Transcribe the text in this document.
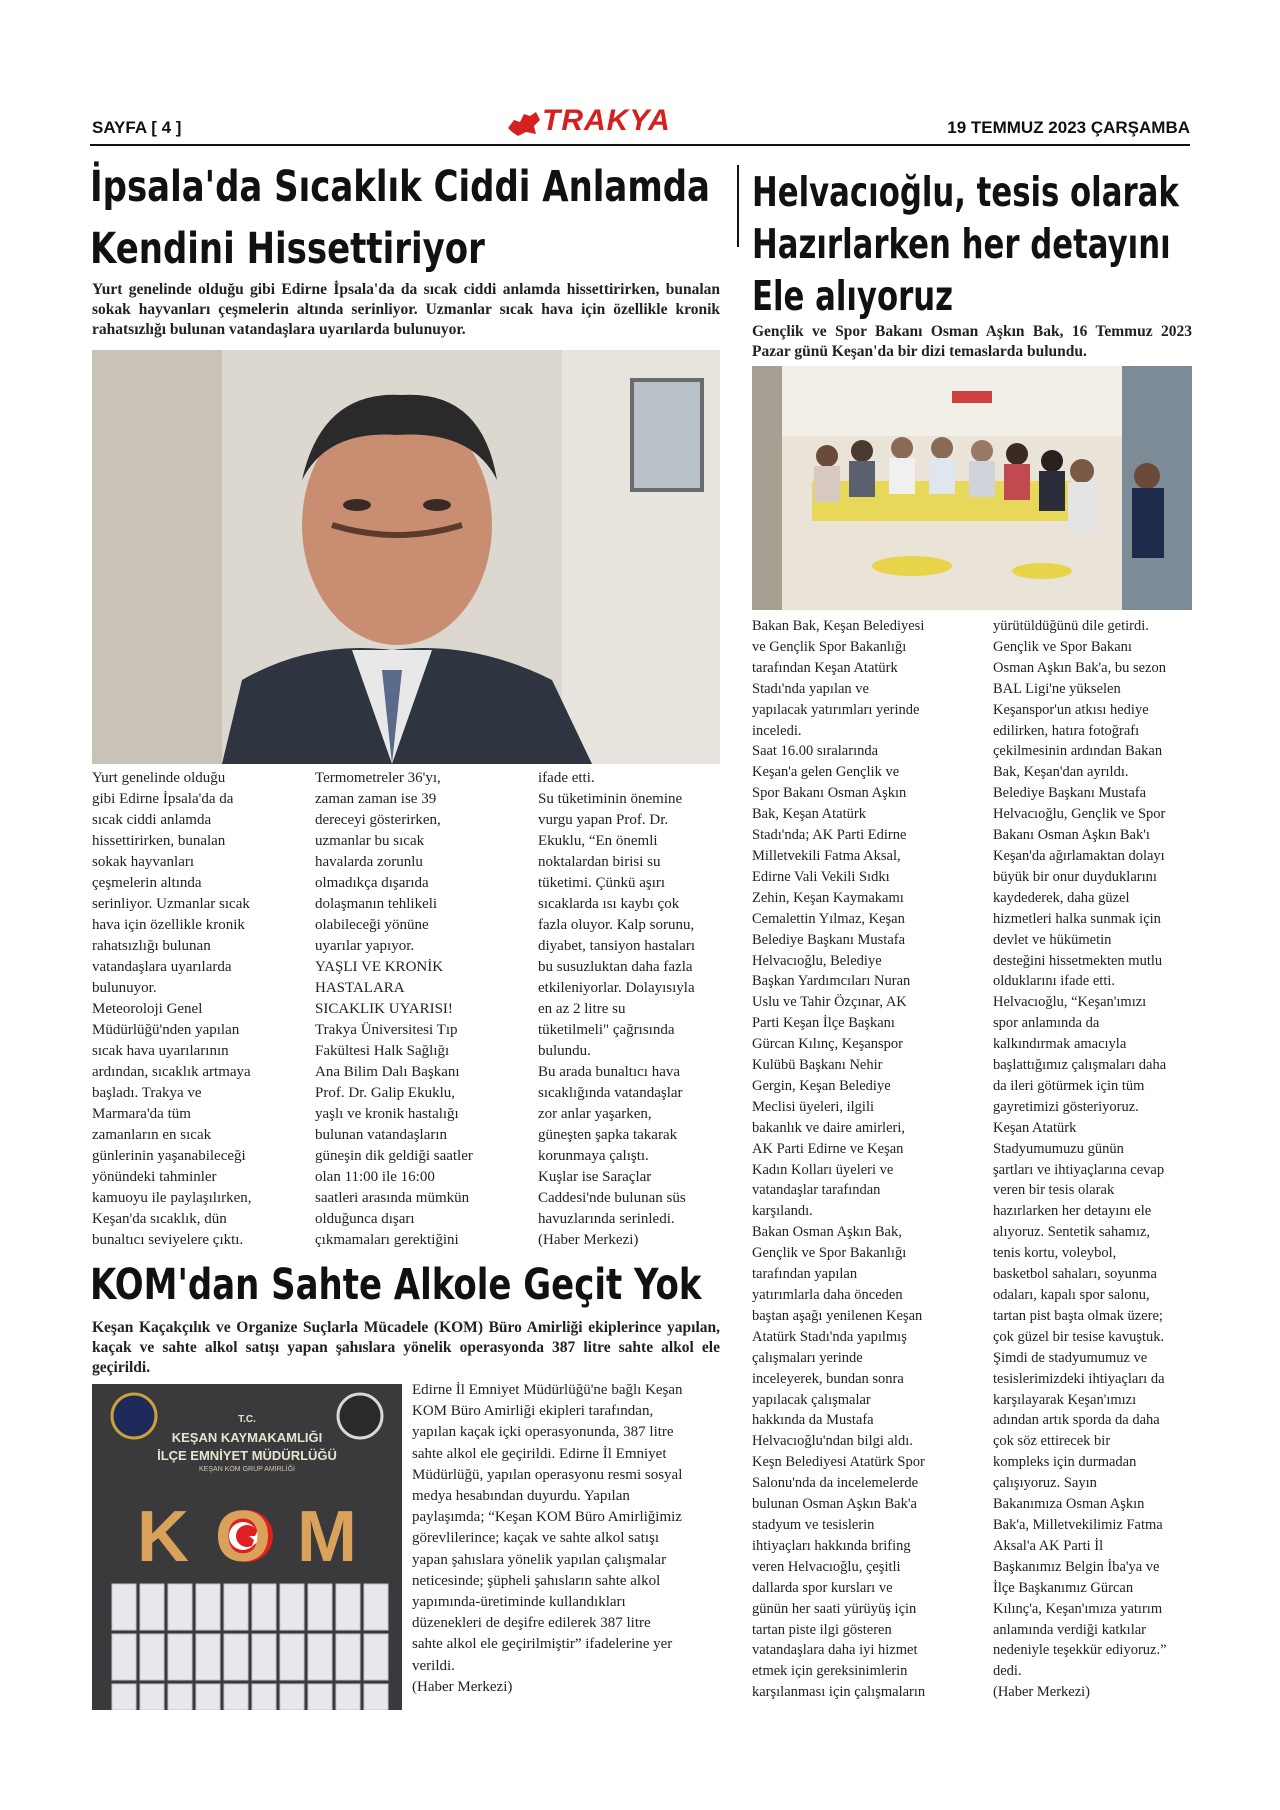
SAYFA [ 4 ]	TRAKYA	19 TEMMUZ 2023 ÇARŞAMBA
İpsala'da Sıcaklık Ciddi Anlamda
Kendini Hissettiriyor
Yurt genelinde olduğu gibi Edirne İpsala'da da sıcak ciddi anlamda hissettirirken, bunalan sokak hayvanları çeşmelerin altında serinliyor. Uzmanlar sıcak hava için özellikle kronik rahatsızlığı bulunan vatandaşlara uyarılarda bulunuyor.
Yurt genelinde olduğu
gibi Edirne İpsala'da da
sıcak ciddi anlamda
hissettirirken, bunalan
sokak hayvanları
çeşmelerin altında
serinliyor. Uzmanlar sıcak
hava için özellikle kronik
rahatsızlığı bulunan
vatandaşlara uyarılarda
bulunuyor.
Meteoroloji Genel
Müdürlüğü'nden yapılan
sıcak hava uyarılarının
ardından, sıcaklık artmaya
başladı. Trakya ve
Marmara'da tüm
zamanların en sıcak
günlerinin yaşanabileceği
yönündeki tahminler
kamuoyu ile paylaşılırken,
Keşan'da sıcaklık, dün
bunaltıcı seviyelere çıktı.
Termometreler 36'yı,
zaman zaman ise 39
dereceyi gösterirken,
uzmanlar bu sıcak
havalarda zorunlu
olmadıkça dışarıda
dolaşmanın tehlikeli
olabileceği yönüne
uyarılar yapıyor.
YAŞLI VE KRONİK
HASTALARA
SICAKLIK UYARISI!
Trakya Üniversitesi Tıp
Fakültesi Halk Sağlığı
Ana Bilim Dalı Başkanı
Prof. Dr. Galip Ekuklu,
yaşlı ve kronik hastalığı
bulunan vatandaşların
güneşin dik geldiği saatler
olan 11:00 ile 16:00
saatleri arasında mümkün
olduğunca dışarı
çıkmamaları gerektiğini
ifade etti.
Su tüketiminin önemine
vurgu yapan Prof. Dr.
Ekuklu, “En önemli
noktalardan birisi su
tüketimi. Çünkü aşırı
sıcaklarda ısı kaybı çok
fazla oluyor. Kalp sorunu,
diyabet, tansiyon hastaları
bu susuzluktan daha fazla
etkileniyorlar. Dolayısıyla
en az 2 litre su
tüketilmeli" çağrısında
bulundu.
Bu arada bunaltıcı hava
sıcaklığında vatandaşlar
zor anlar yaşarken,
güneşten şapka takarak
korunmaya çalıştı.
Kuşlar ise Saraçlar
Caddesi'nde bulunan süs
havuzlarında serinledi.
(Haber Merkezi)
Helvacıoğlu, tesis olarak
Hazırlarken her detayını
Ele alıyoruz
Gençlik ve Spor Bakanı Osman Aşkın Bak, 16 Temmuz 2023 Pazar günü Keşan'da bir dizi temaslarda bulundu.
Bakan Bak, Keşan Belediyesi
ve Gençlik Spor Bakanlığı
tarafından Keşan Atatürk
Stadı'nda yapılan ve
yapılacak yatırımları yerinde
inceledi.
Saat 16.00 sıralarında
Keşan'a gelen Gençlik ve
Spor Bakanı Osman Aşkın
Bak, Keşan Atatürk
Stadı'nda; AK Parti Edirne
Milletvekili Fatma Aksal,
Edirne Vali Vekili Sıdkı
Zehin, Keşan Kaymakamı
Cemalettin Yılmaz, Keşan
Belediye Başkanı Mustafa
Helvacıoğlu, Belediye
Başkan Yardımcıları Nuran
Uslu ve Tahir Özçınar, AK
Parti Keşan İlçe Başkanı
Gürcan Kılınç, Keşanspor
Kulübü Başkanı Nehir
Gergin, Keşan Belediye
Meclisi üyeleri, ilgili
bakanlık ve daire amirleri,
AK Parti Edirne ve Keşan
Kadın Kolları üyeleri ve
vatandaşlar tarafından
karşılandı.
Bakan Osman Aşkın Bak,
Gençlik ve Spor Bakanlığı
tarafından yapılan
yatırımlarla daha önceden
baştan aşağı yenilenen Keşan
Atatürk Stadı'nda yapılmış
çalışmaları yerinde
inceleyerek, bundan sonra
yapılacak çalışmalar
hakkında da Mustafa
Helvacıoğlu'ndan bilgi aldı.
Keşn Belediyesi Atatürk Spor
Salonu'nda da incelemelerde
bulunan Osman Aşkın Bak'a
stadyum ve tesislerin
ihtiyaçları hakkında brifing
veren Helvacıoğlu, çeşitli
dallarda spor kursları ve
günün her saati yürüyüş için
tartan piste ilgi gösteren
vatandaşlara daha iyi hizmet
etmek için gereksinimlerin
karşılanması için çalışmaların
yürütüldüğünü dile getirdi.
Gençlik ve Spor Bakanı
Osman Aşkın Bak'a, bu sezon
BAL Ligi'ne yükselen
Keşanspor'un atkısı hediye
edilirken, hatıra fotoğrafı
çekilmesinin ardından Bakan
Bak, Keşan'dan ayrıldı.
Belediye Başkanı Mustafa
Helvacıoğlu, Gençlik ve Spor
Bakanı Osman Aşkın Bak'ı
Keşan'da ağırlamaktan dolayı
büyük bir onur duyduklarını
kaydederek, daha güzel
hizmetleri halka sunmak için
devlet ve hükümetin
desteğini hissetmekten mutlu
olduklarını ifade etti.
Helvacıoğlu, “Keşan'ımızı
spor anlamında da
kalkındırmak amacıyla
başlattığımız çalışmaları daha
da ileri götürmek için tüm
gayretimizi gösteriyoruz.
Keşan Atatürk
Stadyumumuzu günün
şartları ve ihtiyaçlarına cevap
veren bir tesis olarak
hazırlarken her detayını ele
alıyoruz. Sentetik sahamız,
tenis kortu, voleybol,
basketbol sahaları, soyunma
odaları, kapalı spor salonu,
tartan pist başta olmak üzere;
çok güzel bir tesise kavuştuk.
Şimdi de stadyumumuz ve
tesislerimizdeki ihtiyaçları da
karşılayarak Keşan'ımızı
adından artık sporda da daha
çok söz ettirecek bir
kompleks için durmadan
çalışıyoruz. Sayın
Bakanımıza Osman Aşkın
Bak'a, Milletvekilimiz Fatma
Aksal'a AK Parti İl
Başkanımız Belgin İba'ya ve
İlçe Başkanımız Gürcan
Kılınç'a, Keşan'ımıza yatırım
anlamında verdiği katkılar
nedeniyle teşekkür ediyoruz.”
dedi.
(Haber Merkezi)
KOM'dan Sahte Alkole Geçit Yok
Keşan Kaçakçılık ve Organize Suçlarla Mücadele (KOM) Büro Amirliği ekiplerince yapılan, kaçak ve sahte alkol satışı yapan şahıslara yönelik operasyonda 387 litre sahte alkol ele geçirildi.
T.C.
KEŞAN KAYMAKAMLIĞI
İLÇE EMNİYET MÜDÜRLÜĞÜ
KEŞAN KOM GRUP AMİRLİĞİ
KOM
Edirne İl Emniyet Müdürlüğü'ne bağlı Keşan
KOM Büro Amirliği ekipleri tarafından,
yapılan kaçak içki operasyonunda, 387 litre
sahte alkol ele geçirildi. Edirne İl Emniyet
Müdürlüğü, yapılan operasyonu resmi sosyal
medya hesabından duyurdu. Yapılan
paylaşımda; “Keşan KOM Büro Amirliğimiz
görevlilerince; kaçak ve sahte alkol satışı
yapan şahıslara yönelik yapılan çalışmalar
neticesinde; şüpheli şahısların sahte alkol
yapımında-üretiminde kullandıkları
düzenekleri de deşifre edilerek 387 litre
sahte alkol ele geçirilmiştir” ifadelerine yer
verildi.
(Haber Merkezi)
